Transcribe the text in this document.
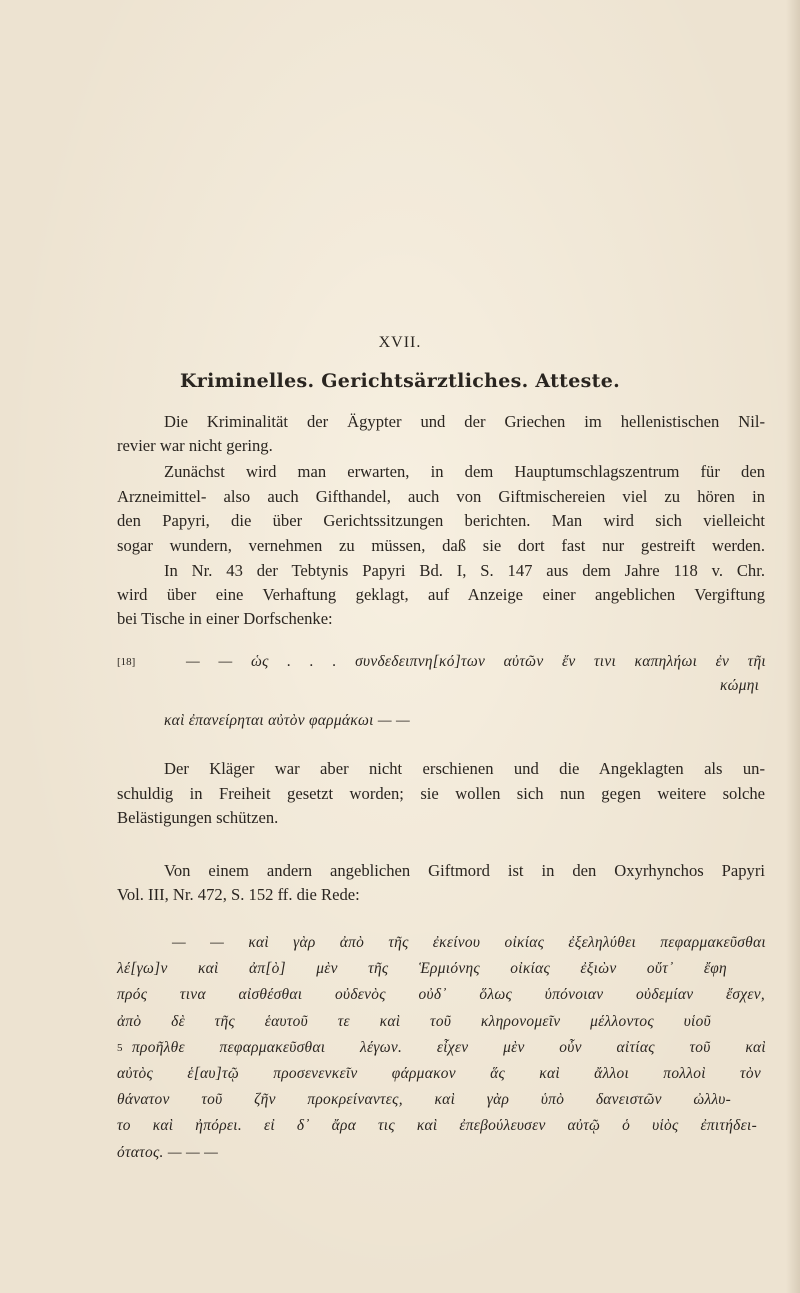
XVII.
Kriminelles. Gerichtsärztliches. Atteste.
Die Kriminalität der Ägypter und der Griechen im hellenistischen Nil-
revier war nicht gering.
Zunächst wird man erwarten, in dem Hauptumschlagszentrum für den
Arzneimittel- also auch Gifthandel, auch von Giftmischereien viel zu hören in
den Papyri, die über Gerichtssitzungen berichten. Man wird sich vielleicht
sogar wundern, vernehmen zu müssen, daß sie dort fast nur gestreift werden.
In Nr. 43 der Tebtynis Papyri Bd. I, S. 147 aus dem Jahre 118 v. Chr.
wird über eine Verhaftung geklagt, auf Anzeige einer angeblichen Vergiftung
bei Tische in einer Dorfschenke:
[18]	— — ὡς . . . συνδεδειπνη[κό]των αὐτῶν ἔν τινι καπηλήωι ἐν τῆι
κώμηι
καὶ ἐπανείρηται αὐτὸν φαρμάκωι — —
Der Kläger war aber nicht erschienen und die Angeklagten als un-
schuldig in Freiheit gesetzt worden; sie wollen sich nun gegen weitere solche
Belästigungen schützen.
Von einem andern angeblichen Giftmord ist in den Oxyrhynchos Papyri
Vol. III, Nr. 472, S. 152 ff. die Rede:
— — καὶ γὰρ ἀπὸ τῆς ἐκείνου οἰκίας ἐξεληλύθει πεφαρμακεῦσθαι
λέ[γω]ν καὶ ἀπ[ὸ] μὲν τῆς Ἑρμιόνης οἰκίας ἐξιὼν οὔτ᾽ ἔφη
πρός τινα αἰσθέσθαι οὐδενὸς οὐδ᾽ ὅλως ὑπόνοιαν οὐδεμίαν ἔσχεν,
ἀπὸ δὲ τῆς ἑαυτοῦ τε καὶ τοῦ κληρονομεῖν μέλλοντος υἱοῦ
5 προῆλθε πεφαρμακεῦσθαι λέγων. εἶχεν μὲν οὖν αἰτίας τοῦ καὶ
αὐτὸς ἑ[αυ]τῷ προσενενκεῖν φάρμακον ἅς καὶ ἄλλοι πολλοὶ τὸν
θάνατον τοῦ ζῆν προκρείναντες, καὶ γὰρ ὑπὸ δανειστῶν ὠλλυ-
το καὶ ἠπόρει. εἰ δ᾽ ἄρα τις καὶ ἐπεβούλευσεν αὐτῷ ὁ υἱὸς ἐπιτήδει-
ότατος. — — —
